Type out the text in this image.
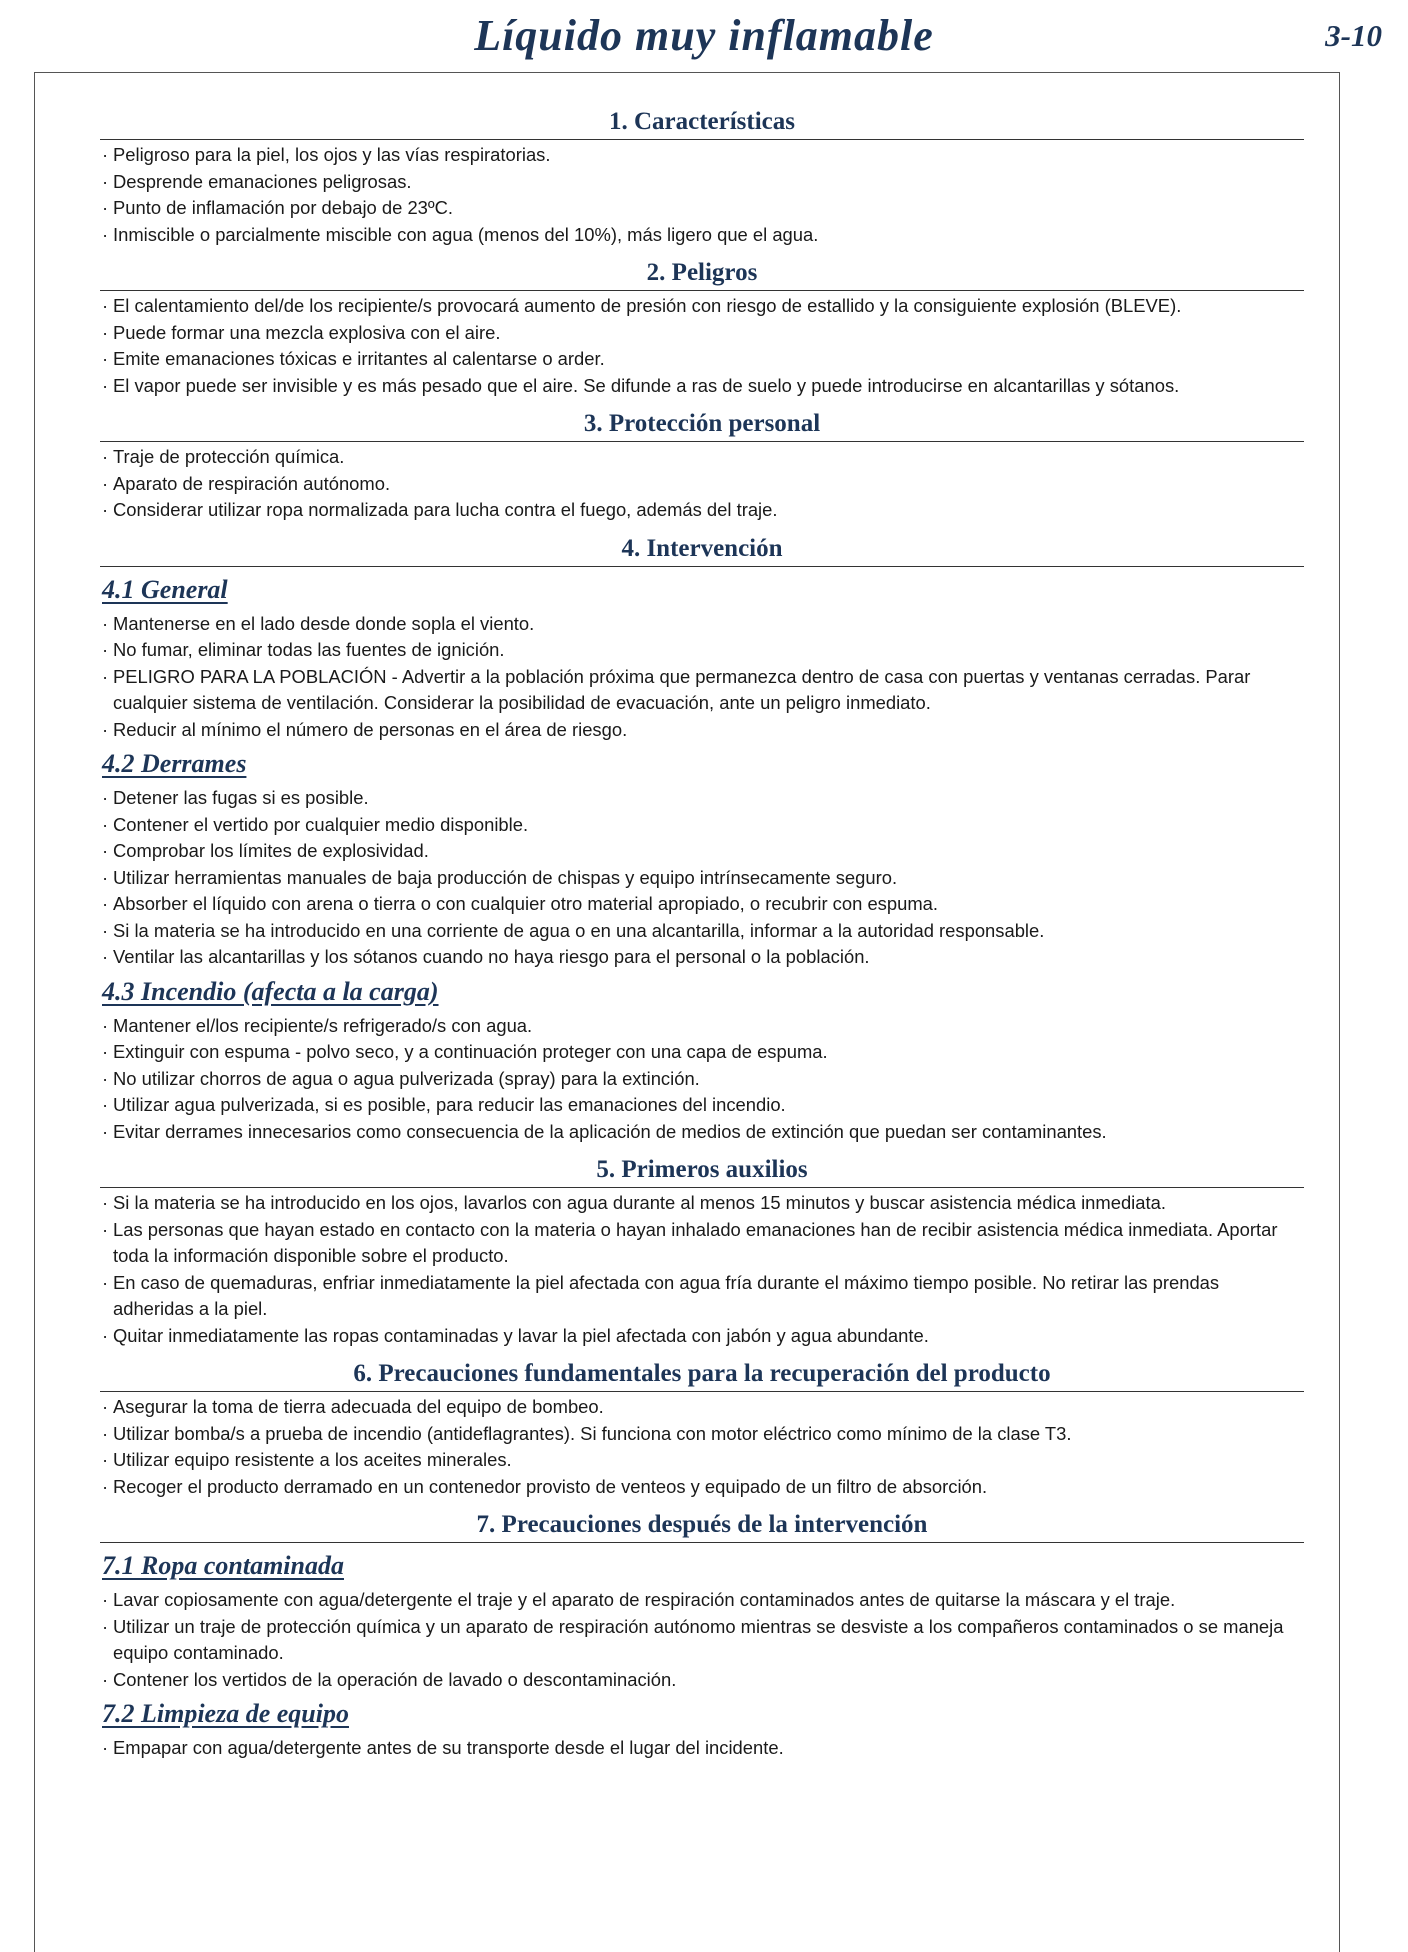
Líquido muy inflamable	3-10
1. Características
· Peligroso para la piel, los ojos y las vías respiratorias.
· Desprende emanaciones peligrosas.
· Punto de inflamación por debajo de 23ºC.
· Inmiscible o parcialmente miscible con agua (menos del 10%), más ligero que el agua.
2. Peligros
· El calentamiento del/de los recipiente/s provocará aumento de presión con riesgo de estallido y la consiguiente explosión (BLEVE).
· Puede formar una mezcla explosiva con el aire.
· Emite emanaciones tóxicas e irritantes al calentarse o arder.
· El vapor puede ser invisible y es más pesado que el aire. Se difunde a ras de suelo y puede introducirse en alcantarillas y sótanos.
3. Protección personal
· Traje de protección química.
· Aparato de respiración autónomo.
· Considerar utilizar ropa normalizada para lucha contra el fuego, además del traje.
4. Intervención
4.1 General
· Mantenerse en el lado desde donde sopla el viento.
· No fumar, eliminar todas las fuentes de ignición.
· PELIGRO PARA LA POBLACIÓN - Advertir a la población próxima que permanezca dentro de casa con puertas y ventanas cerradas. Parar cualquier sistema de ventilación. Considerar la posibilidad de evacuación, ante un peligro inmediato.
· Reducir al mínimo el número de personas en el área de riesgo.
4.2 Derrames
· Detener las fugas si es posible.
· Contener el vertido por cualquier medio disponible.
· Comprobar los límites de explosividad.
· Utilizar herramientas manuales de baja producción de chispas y equipo intrínsecamente seguro.
· Absorber el líquido con arena o tierra o con cualquier otro material apropiado, o recubrir con espuma.
· Si la materia se ha introducido en una corriente de agua o en una alcantarilla, informar a la autoridad responsable.
· Ventilar las alcantarillas y los sótanos cuando no haya riesgo para el personal o la población.
4.3 Incendio (afecta a la carga)
· Mantener el/los recipiente/s refrigerado/s con agua.
· Extinguir con espuma - polvo seco, y a continuación proteger con una capa de espuma.
· No utilizar chorros de agua o agua pulverizada (spray) para la extinción.
· Utilizar agua pulverizada, si es posible, para reducir las emanaciones del incendio.
· Evitar derrames innecesarios como consecuencia de la aplicación de medios de extinción que puedan ser contaminantes.
5. Primeros auxilios
· Si la materia se ha introducido en los ojos, lavarlos con agua durante al menos 15 minutos y buscar asistencia médica inmediata.
· Las personas que hayan estado en contacto con la materia o hayan inhalado emanaciones han de recibir asistencia médica inmediata. Aportar toda la información disponible sobre el producto.
· En caso de quemaduras, enfriar inmediatamente la piel afectada con agua fría durante el máximo tiempo posible. No retirar las prendas adheridas a la piel.
· Quitar inmediatamente las ropas contaminadas y lavar la piel afectada con jabón y agua abundante.
6. Precauciones fundamentales para la recuperación del producto
· Asegurar la toma de tierra adecuada del equipo de bombeo.
· Utilizar bomba/s a prueba de incendio (antideflagrantes). Si funciona con motor eléctrico como mínimo de la clase T3.
· Utilizar equipo resistente a los aceites minerales.
· Recoger el producto derramado en un contenedor provisto de venteos y equipado de un filtro de absorción.
7. Precauciones después de la intervención
7.1 Ropa contaminada
· Lavar copiosamente con agua/detergente el traje y el aparato de respiración contaminados antes de quitarse la máscara y el traje.
· Utilizar un traje de protección química y un aparato de respiración autónomo mientras se desviste a los compañeros contaminados o se maneja equipo contaminado.
· Contener los vertidos de la operación de lavado o descontaminación.
7.2 Limpieza de equipo
· Empapar con agua/detergente antes de su transporte desde el lugar del incidente.
